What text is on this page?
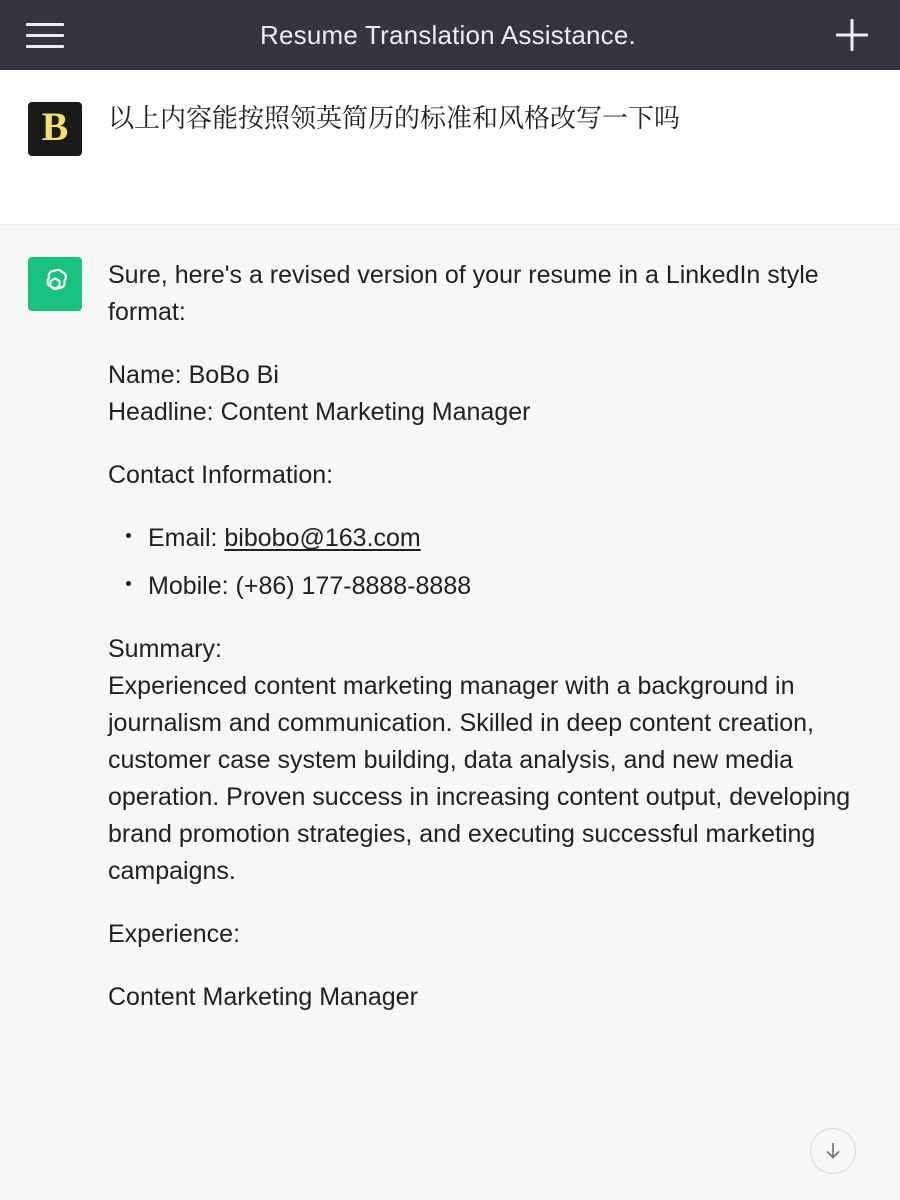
Resume Translation Assistance.
B	以上内容能按照领英简历的标准和风格改写一下吗

Sure, here's a revised version of your resume in a LinkedIn style format:

Name: BoBo Bi

Headline: Content Marketing Manager

Contact Information:

Email: bibobo@163.com
Mobile: (+86) 177-8888-8888

Summary:

Experienced content marketing manager with a background in journalism and communication. Skilled in deep content creation, customer case system building, data analysis, and new media operation. Proven success in increasing content output, developing brand promotion strategies, and executing successful marketing campaigns.

Experience:

Content Marketing Manager
